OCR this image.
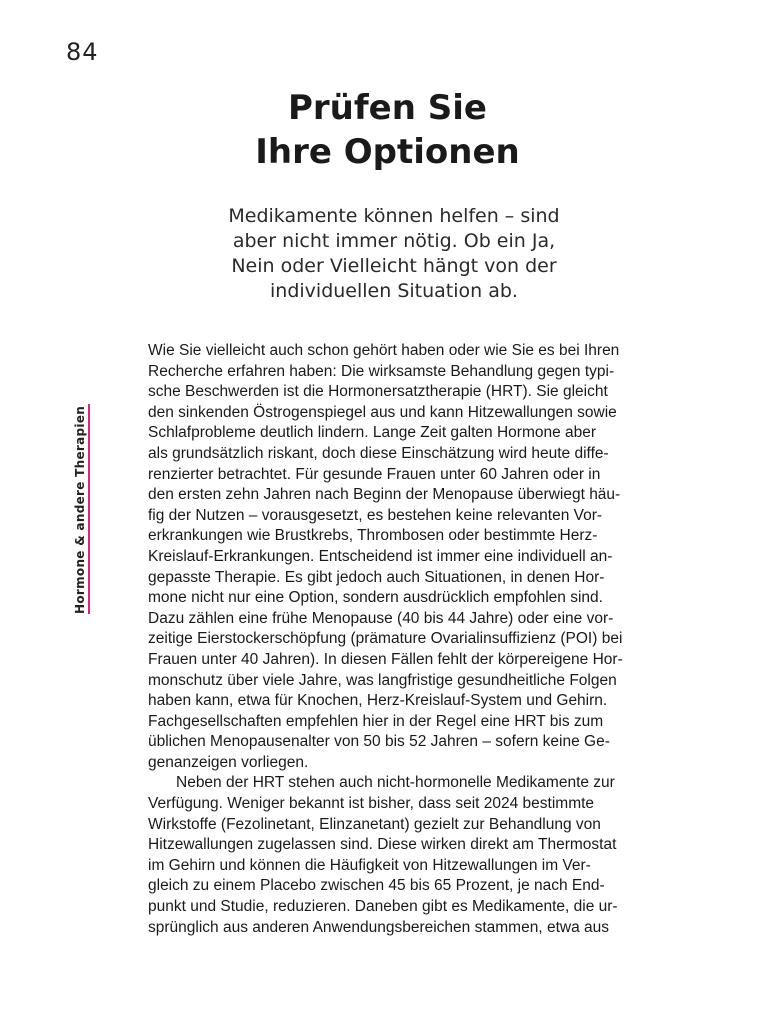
84
Hormone & andere Therapien
Prüfen Sie
Ihre Optionen

Medikamente können helfen – sind
aber nicht immer nötig. Ob ein Ja,
Nein oder Vielleicht hängt von der
individuellen Situation ab.

Wie Sie vielleicht auch schon gehört haben oder wie Sie es bei Ihren
Recherche erfahren haben: Die wirksamste Behandlung gegen typi-
sche Beschwerden ist die Hormonersatztherapie (HRT). Sie gleicht
den sinkenden Östrogenspiegel aus und kann Hitzewallungen sowie
Schlafprobleme deutlich lindern. Lange Zeit galten Hormone aber
als grundsätzlich riskant, doch diese Einschätzung wird heute diffe-
renzierter betrachtet. Für gesunde Frauen unter 60 Jahren oder in
den ersten zehn Jahren nach Beginn der Menopause überwiegt häu-
fig der Nutzen – vorausgesetzt, es bestehen keine relevanten Vor-
erkrankungen wie Brustkrebs, Thrombosen oder bestimmte Herz-
Kreislauf-Erkrankungen. Entscheidend ist immer eine individuell an-
gepasste Therapie. Es gibt jedoch auch Situationen, in denen Hor-
mone nicht nur eine Option, sondern ausdrücklich empfohlen sind.
Dazu zählen eine frühe Menopause (40 bis 44 Jahre) oder eine vor-
zeitige Eierstockerschöpfung (prämature Ovarialinsuffizienz (POI) bei
Frauen unter 40 Jahren). In diesen Fällen fehlt der körpereigene Hor-
monschutz über viele Jahre, was langfristige gesundheitliche Folgen
haben kann, etwa für Knochen, Herz-Kreislauf-System und Gehirn.
Fachgesellschaften empfehlen hier in der Regel eine HRT bis zum
üblichen Menopausenalter von 50 bis 52 Jahren – sofern keine Ge-
genanzeigen vorliegen.
Neben der HRT stehen auch nicht-hormonelle Medikamente zur
Verfügung. Weniger bekannt ist bisher, dass seit 2024 bestimmte
Wirkstoffe (Fezolinetant, Elinzanetant) gezielt zur Behandlung von
Hitzewallungen zugelassen sind. Diese wirken direkt am Thermostat
im Gehirn und können die Häufigkeit von Hitzewallungen im Ver-
gleich zu einem Placebo zwischen 45 bis 65 Prozent, je nach End-
punkt und Studie, reduzieren. Daneben gibt es Medikamente, die ur-
sprünglich aus anderen Anwendungsbereichen stammen, etwa aus
